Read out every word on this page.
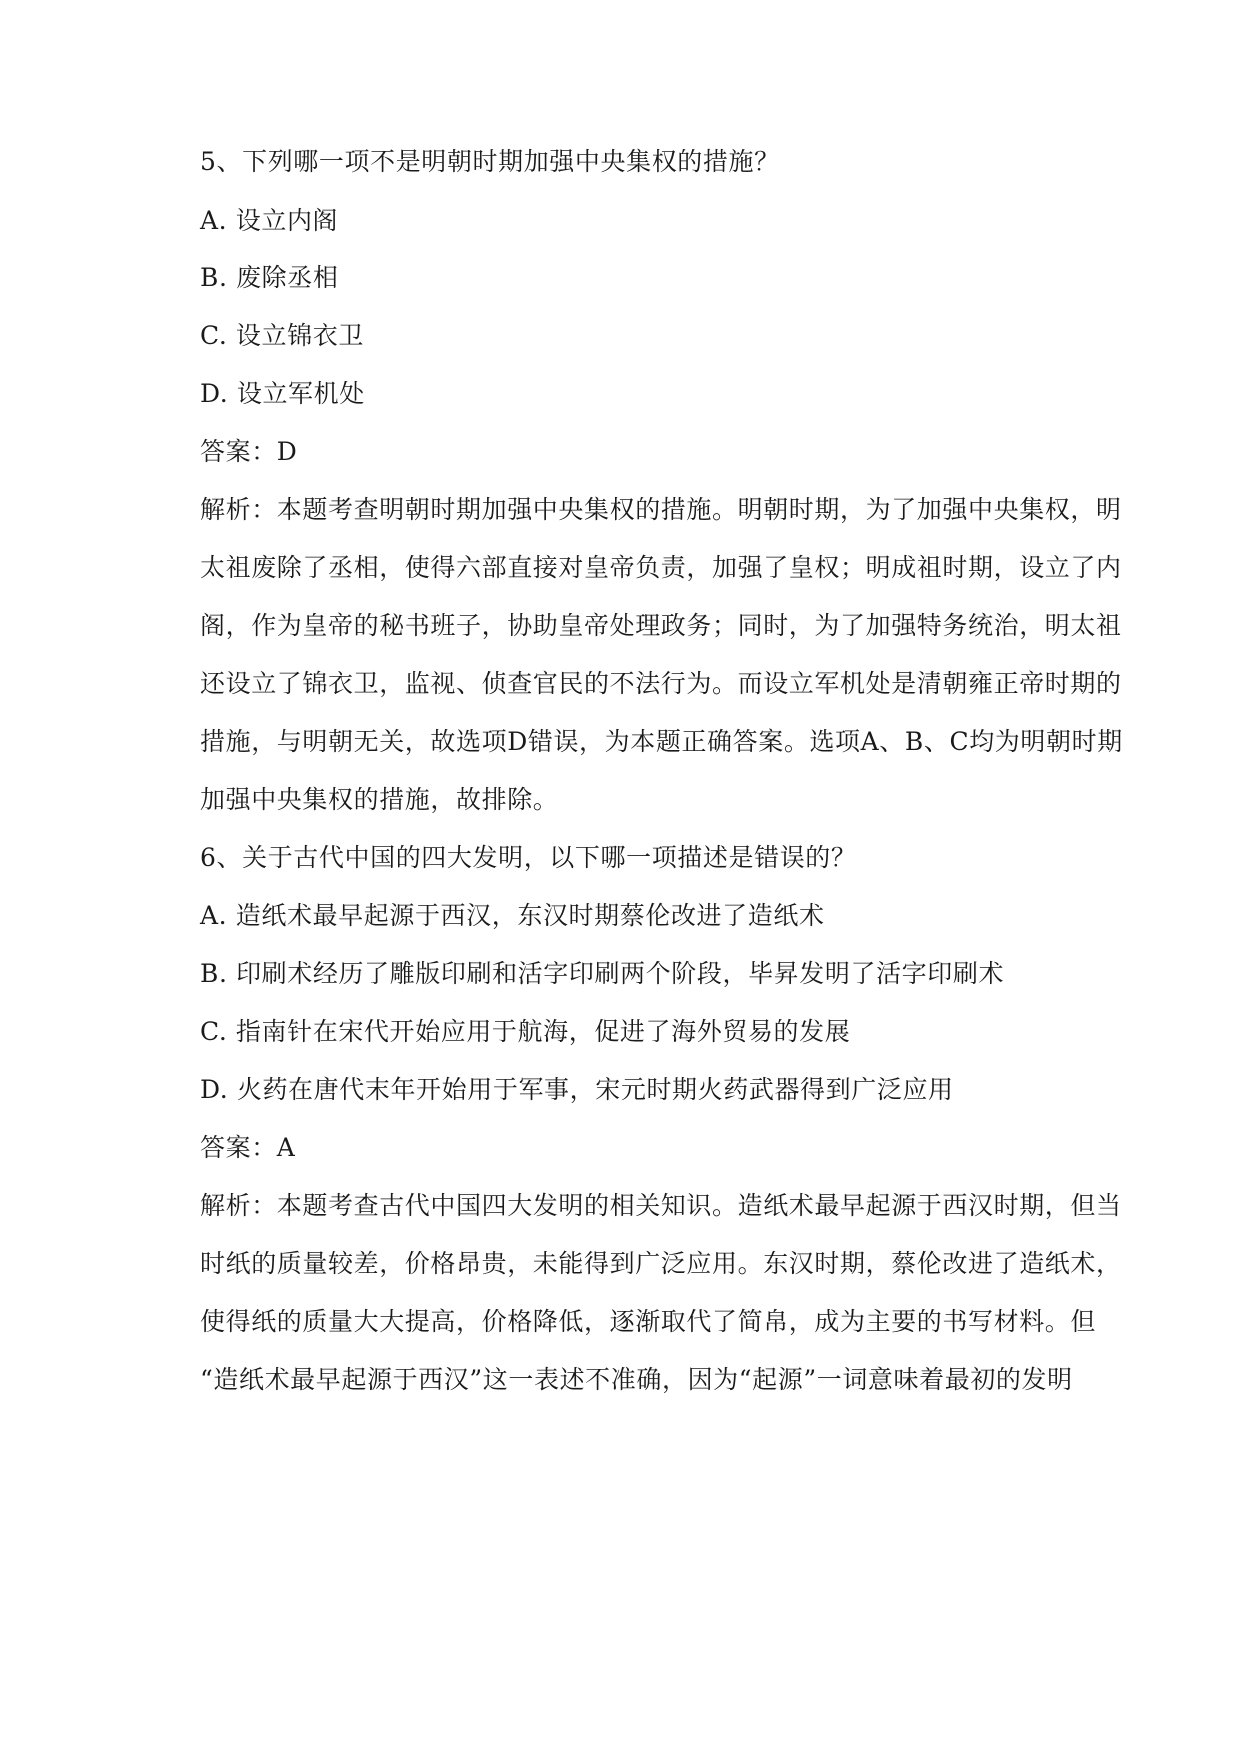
5、下列哪一项不是明朝时期加强中央集权的措施？
A. 设立内阁
B. 废除丞相
C. 设立锦衣卫
D. 设立军机处
答案：D
解析：本题考查明朝时期加强中央集权的措施。明朝时期，为了加强中央集权，明
太祖废除了丞相，使得六部直接对皇帝负责，加强了皇权；明成祖时期，设立了内
阁，作为皇帝的秘书班子，协助皇帝处理政务；同时，为了加强特务统治，明太祖
还设立了锦衣卫，监视、侦查官民的不法行为。而设立军机处是清朝雍正帝时期的
措施，与明朝无关，故选项D错误，为本题正确答案。选项A、B、C均为明朝时期
加强中央集权的措施，故排除。
6、关于古代中国的四大发明，以下哪一项描述是错误的？
A. 造纸术最早起源于西汉，东汉时期蔡伦改进了造纸术
B. 印刷术经历了雕版印刷和活字印刷两个阶段，毕昇发明了活字印刷术
C. 指南针在宋代开始应用于航海，促进了海外贸易的发展
D. 火药在唐代末年开始用于军事，宋元时期火药武器得到广泛应用
答案：A
解析：本题考查古代中国四大发明的相关知识。造纸术最早起源于西汉时期，但当
时纸的质量较差，价格昂贵，未能得到广泛应用。东汉时期，蔡伦改进了造纸术，
使得纸的质量大大提高，价格降低，逐渐取代了简帛，成为主要的书写材料。但
“造纸术最早起源于西汉”这一表述不准确，因为“起源”一词意味着最初的发明
